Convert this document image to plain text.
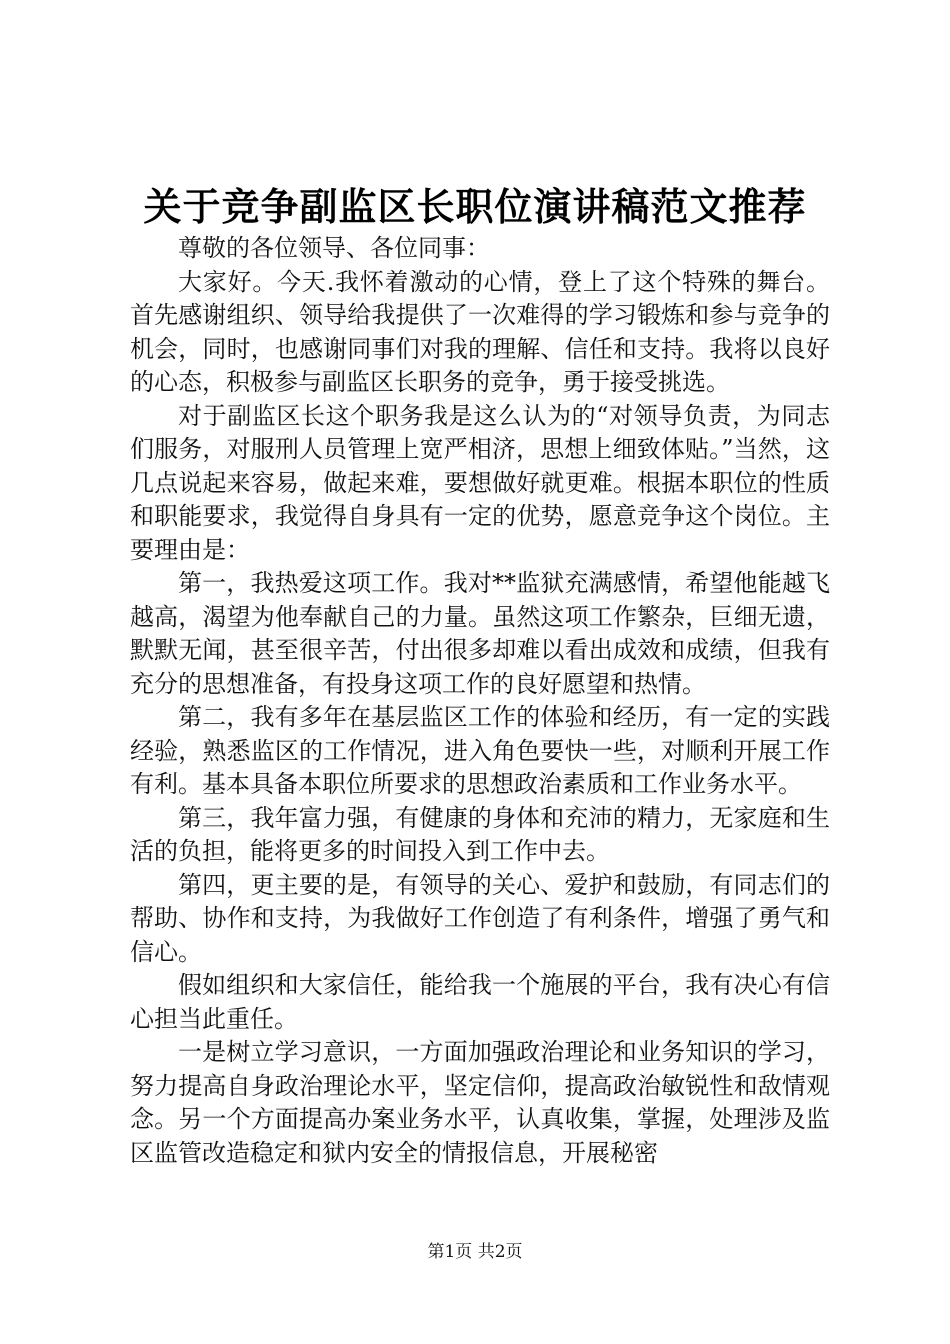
关于竞争副监区长职位演讲稿范文推荐

尊敬的各位领导、各位同事：

大家好。今天.我怀着激动的心情，登上了这个特殊的舞台。首先感谢组织、领导给我提供了一次难得的学习锻炼和参与竞争的机会，同时，也感谢同事们对我的理解、信任和支持。我将以良好的心态，积极参与副监区长职务的竞争，勇于接受挑选。

对于副监区长这个职务我是这么认为的“对领导负责，为同志们服务，对服刑人员管理上宽严相济，思想上细致体贴。”当然，这几点说起来容易，做起来难，要想做好就更难。根据本职位的性质和职能要求，我觉得自身具有一定的优势，愿意竞争这个岗位。主要理由是：

第一，我热爱这项工作。我对**监狱充满感情，希望他能越飞越高，渴望为他奉献自己的力量。虽然这项工作繁杂，巨细无遗，默默无闻，甚至很辛苦，付出很多却难以看出成效和成绩，但我有充分的思想准备，有投身这项工作的良好愿望和热情。

第二，我有多年在基层监区工作的体验和经历，有一定的实践经验，熟悉监区的工作情况，进入角色要快一些，对顺利开展工作有利。基本具备本职位所要求的思想政治素质和工作业务水平。

第三，我年富力强，有健康的身体和充沛的精力，无家庭和生活的负担，能将更多的时间投入到工作中去。

第四，更主要的是，有领导的关心、爱护和鼓励，有同志们的帮助、协作和支持，为我做好工作创造了有利条件，增强了勇气和信心。

假如组织和大家信任，能给我一个施展的平台，我有决心有信心担当此重任。

一是树立学习意识，一方面加强政治理论和业务知识的学习，努力提高自身政治理论水平，坚定信仰，提高政治敏锐性和敌情观念。另一个方面提高办案业务水平，认真收集，掌握，处理涉及监区监管改造稳定和狱内安全的情报信息，开展秘密

第1页 共2页
